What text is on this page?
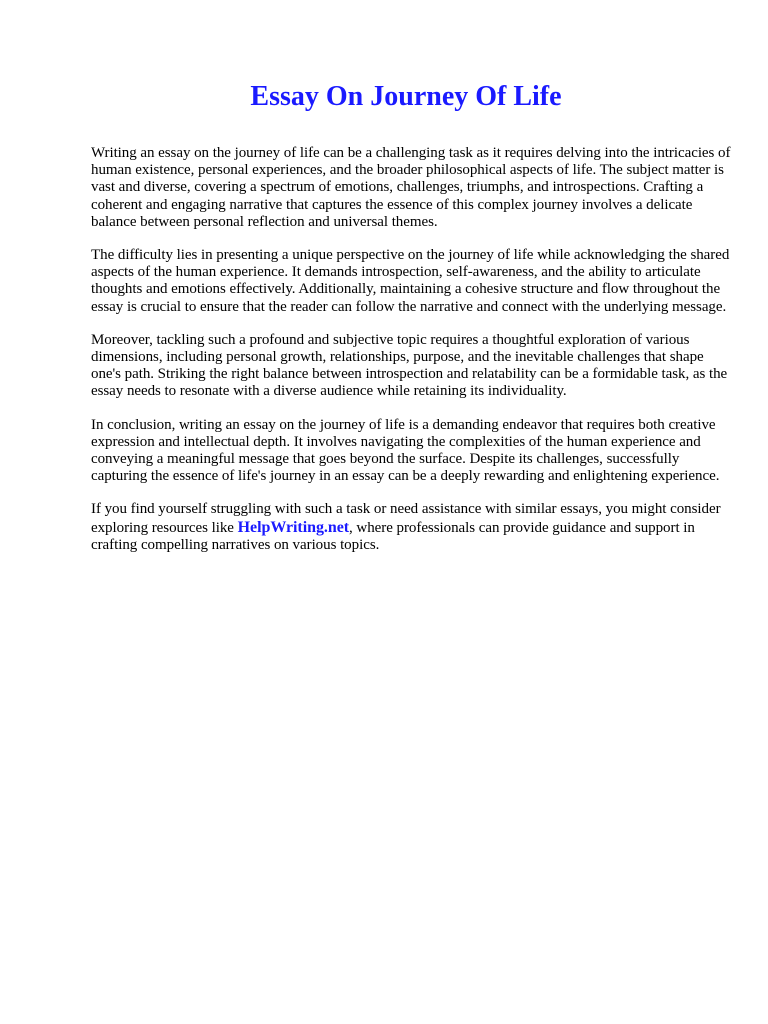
Essay On Journey Of Life

Writing an essay on the journey of life can be a challenging task as it requires delving into the intricacies of human existence, personal experiences, and the broader philosophical aspects of life. The subject matter is vast and diverse, covering a spectrum of emotions, challenges, triumphs, and introspections. Crafting a coherent and engaging narrative that captures the essence of this complex journey involves a delicate balance between personal reflection and universal themes.

The difficulty lies in presenting a unique perspective on the journey of life while acknowledging the shared aspects of the human experience. It demands introspection, self-awareness, and the ability to articulate thoughts and emotions effectively. Additionally, maintaining a cohesive structure and flow throughout the essay is crucial to ensure that the reader can follow the narrative and connect with the underlying message.

Moreover, tackling such a profound and subjective topic requires a thoughtful exploration of various dimensions, including personal growth, relationships, purpose, and the inevitable challenges that shape one's path. Striking the right balance between introspection and relatability can be a formidable task, as the essay needs to resonate with a diverse audience while retaining its individuality.

In conclusion, writing an essay on the journey of life is a demanding endeavor that requires both creative expression and intellectual depth. It involves navigating the complexities of the human experience and conveying a meaningful message that goes beyond the surface. Despite its challenges, successfully capturing the essence of life's journey in an essay can be a deeply rewarding and enlightening experience.

If you find yourself struggling with such a task or need assistance with similar essays, you might consider exploring resources like HelpWriting.net, where professionals can provide guidance and support in crafting compelling narratives on various topics.
